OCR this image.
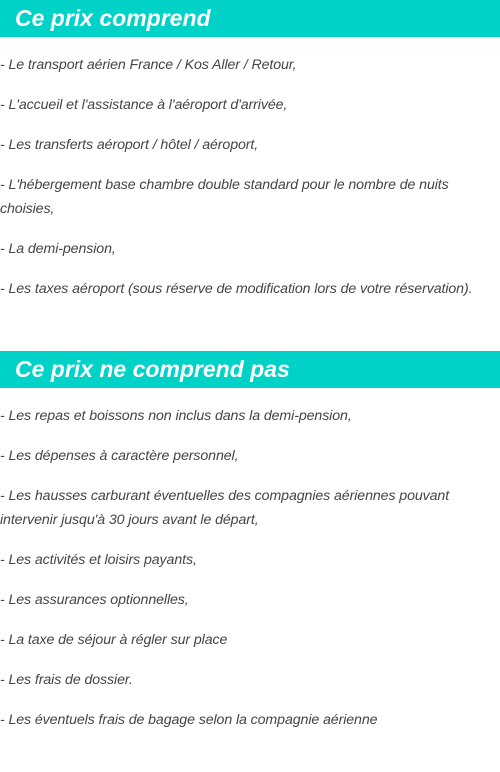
Ce prix comprend
- Le transport aérien France / Kos Aller / Retour,
- L'accueil et l'assistance à l'aéroport d'arrivée,
- Les transferts aéroport / hôtel / aéroport,
- L'hébergement base chambre double standard pour le nombre de nuits choisies,
- La demi-pension,
- Les taxes aéroport (sous réserve de modification lors de votre réservation).
Ce prix ne comprend pas
- Les repas et boissons non inclus dans la demi-pension,
- Les dépenses à caractère personnel,
- Les hausses carburant éventuelles des compagnies aériennes pouvant intervenir jusqu'à 30 jours avant le départ,
- Les activités et loisirs payants,
- Les assurances optionnelles,
- La taxe de séjour à régler sur place
- Les frais de dossier.
- Les éventuels frais de bagage selon la compagnie aérienne
